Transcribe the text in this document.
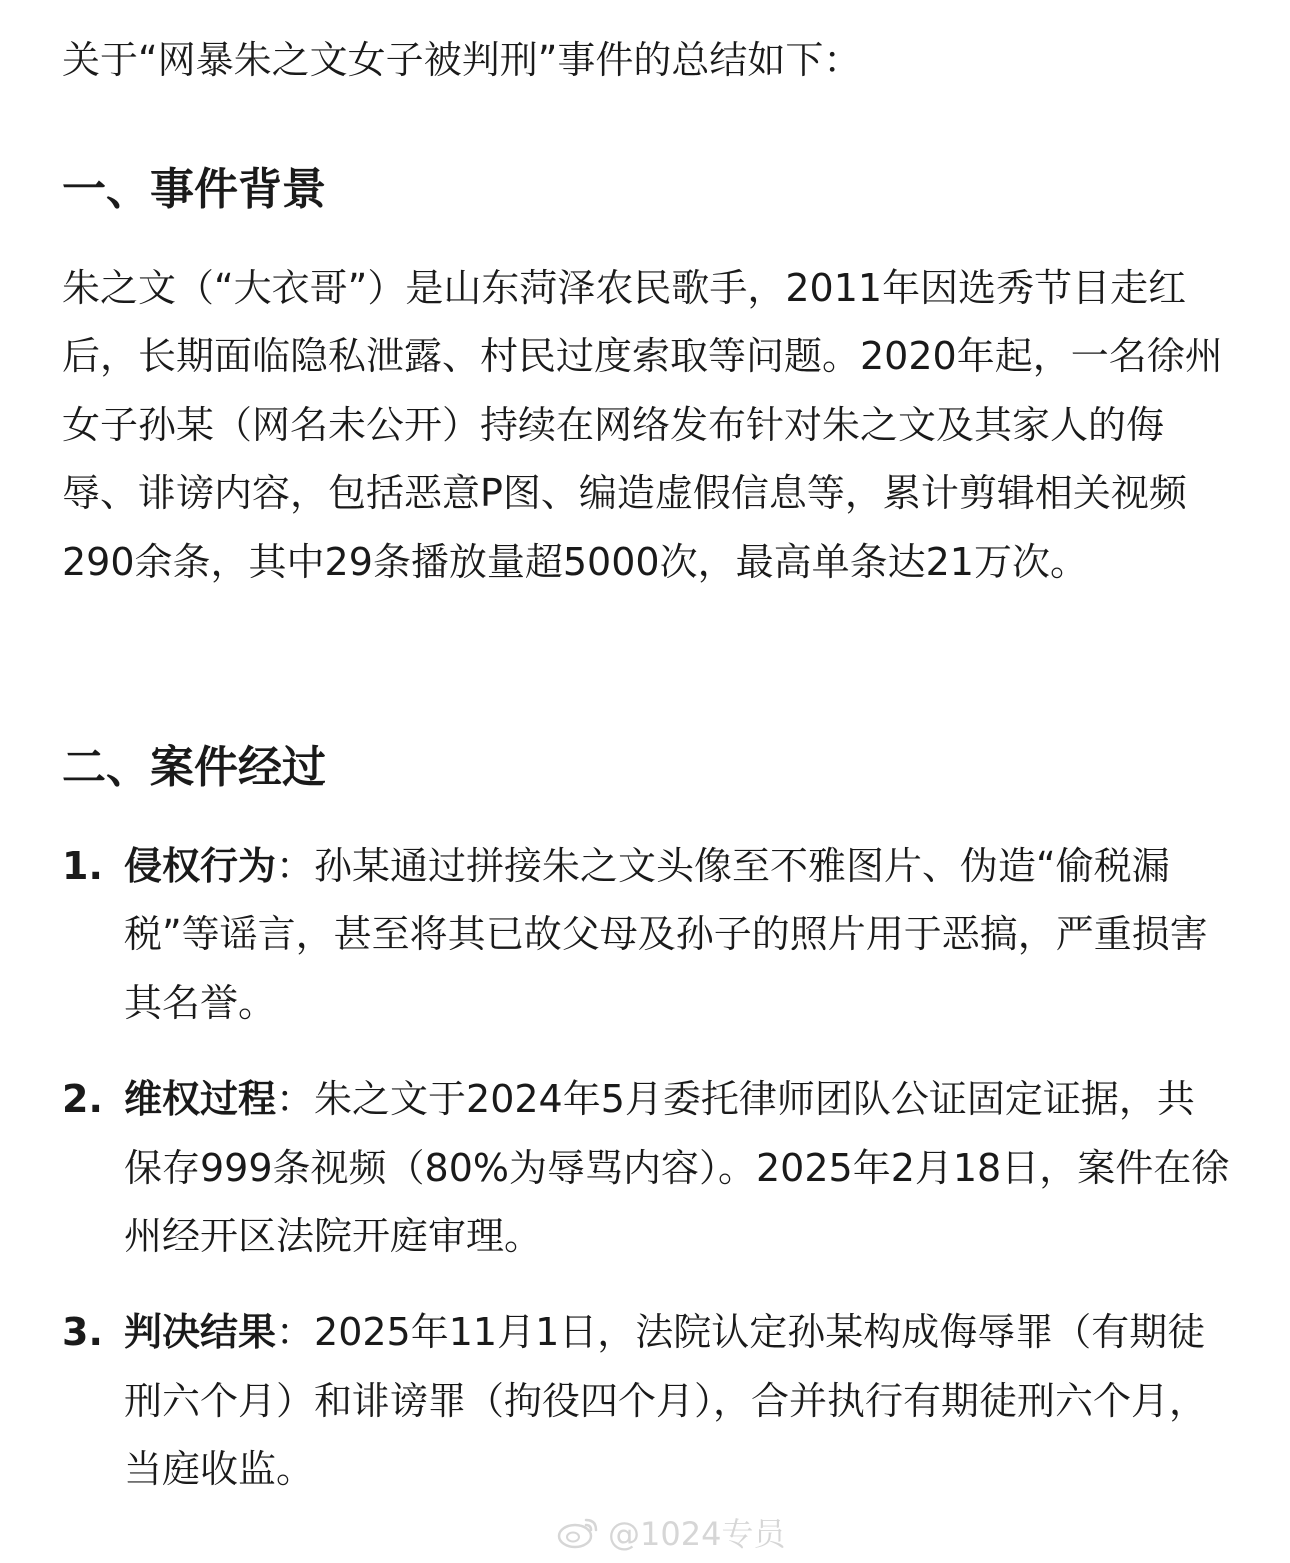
关于“网暴朱之文女子被判刑”事件的总结如下：
一、事件背景
朱之文（“大衣哥”）是山东菏泽农民歌手，2011年因选秀节目走红后，长期面临隐私泄露、村民过度索取等问题。2020年起，一名徐州女子孙某（网名未公开）持续在网络发布针对朱之文及其家人的侮辱、诽谤内容，包括恶意P图、编造虚假信息等，累计剪辑相关视频290余条，其中29条播放量超5000次，最高单条达21万次。
二、案件经过
1. 侵权行为：孙某通过拼接朱之文头像至不雅图片、伪造“偷税漏税”等谣言，甚至将其已故父母及孙子的照片用于恶搞，严重损害其名誉。
2. 维权过程：朱之文于2024年5月委托律师团队公证固定证据，共保存999条视频（80%为辱骂内容）。2025年2月18日，案件在徐州经开区法院开庭审理。
3. 判决结果：2025年11月1日，法院认定孙某构成侮辱罪（有期徒刑六个月）和诽谤罪（拘役四个月），合并执行有期徒刑六个月，当庭收监。
@1024专员
